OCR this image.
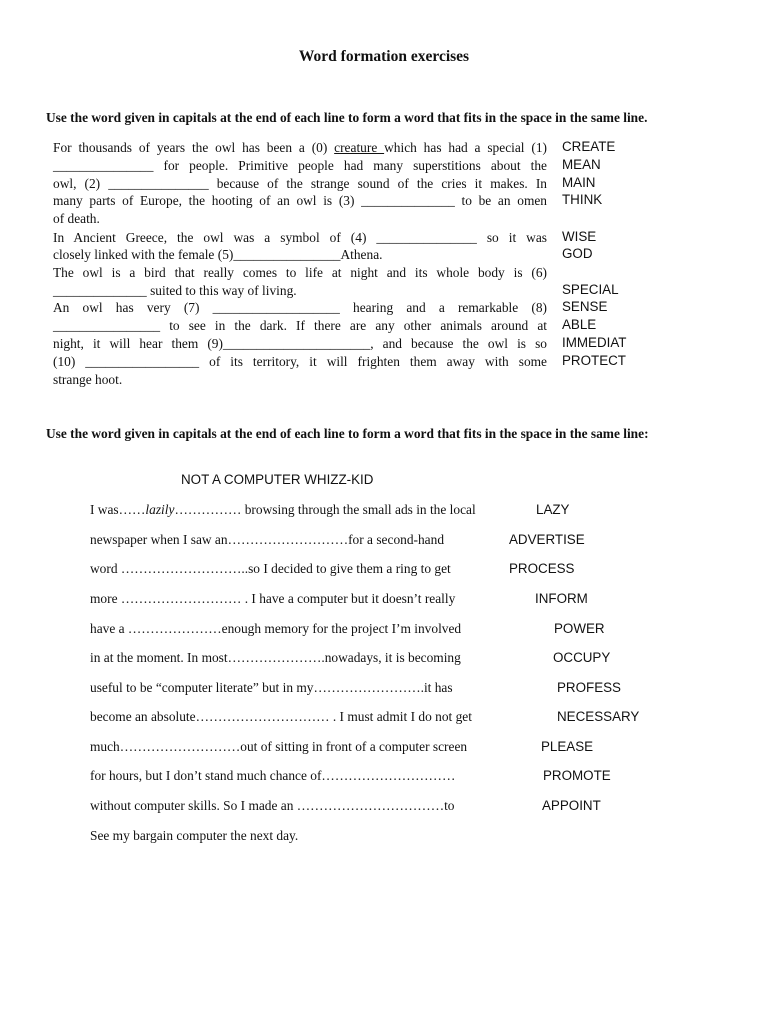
Word formation exercises
Use the word given in capitals at the end of each line to form a word that fits in the space in the same line.
For thousands of years the owl has been a (0) creature which has had a special (1)
_______________ for people. Primitive people had many superstitions about the
owl, (2) _______________ because of the strange sound of the cries it makes. In
many parts of Europe, the hooting of an owl is (3) ______________ to be an omen
of death.
In Ancient Greece, the owl was a symbol of (4) _______________ so it was
closely linked with the female (5)________________Athena.
The owl is a bird that really comes to life at night and its whole body is (6)
______________ suited to this way of living.
An owl has very (7) ___________________ hearing and a remarkable (8)
________________ to see in the dark. If there are any other animals around at
night, it will hear them (9)______________________, and because the owl is so
(10) _________________ of its territory, it will frighten them away with some
strange hoot.
CREATE
MEAN
MAIN
THINK
WISE
GOD
SPECIAL
SENSE
ABLE
IMMEDIAT
PROTECT
Use the word given in capitals at the end of each line to form a word that fits in the space in the same line:
NOT A COMPUTER WHIZZ-KID
I was……lazily…………… browsing through the small ads in the local
newspaper when I saw an………………………for a second-hand
word ………………………..so I decided to give them a ring to get
more ……………………… . I have a computer but it doesn’t really
have a …………………enough memory for the project I’m involved
in at the moment. In most………………….nowadays, it is becoming
useful to be “computer literate” but in my…………………….it has
become an absolute………………………… . I must admit I do not get
much………………………out of sitting in front of a computer screen
for hours, but I don’t stand much chance of…………………………
without computer skills. So I made an ……………………………to
See my bargain computer the next day.
LAZY
ADVERTISE
PROCESS
INFORM
POWER
OCCUPY
PROFESS
NECESSARY
PLEASE
PROMOTE
APPOINT
